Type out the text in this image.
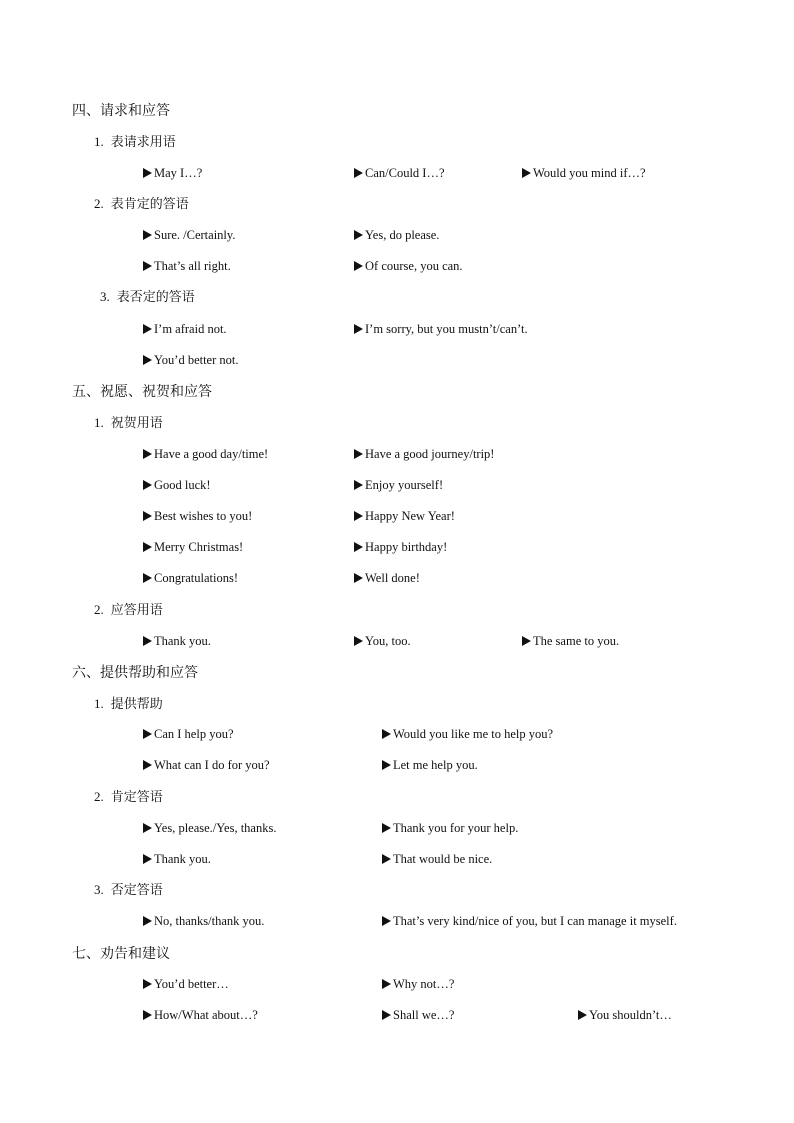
四、请求和应答
1. 表请求用语
May I…?	Can/Could I…?	Would you mind if…?
2. 表肯定的答语
Sure. /Certainly.	Yes, do please.
That’s all right.	Of course, you can.
3. 表否定的答语
I’m afraid not.	I’m sorry, but you mustn’t/can’t.
You’d better not.
五、祝愿、祝贺和应答
1. 祝贺用语
Have a good day/time!	Have a good journey/trip!
Good luck!	Enjoy yourself!
Best wishes to you!	Happy New Year!
Merry Christmas!	Happy birthday!
Congratulations!	Well done!
2. 应答用语
Thank you.	You, too.	The same to you.
六、提供帮助和应答
1. 提供帮助
Can I help you?	Would you like me to help you?
What can I do for you?	Let me help you.
2. 肯定答语
Yes, please./Yes, thanks.	Thank you for your help.
Thank you.	That would be nice.
3. 否定答语
No, thanks/thank you.	That’s very kind/nice of you, but I can manage it myself.
七、劝告和建议
You’d better…	Why not…?
How/What about…?	Shall we…?	You shouldn’t…
